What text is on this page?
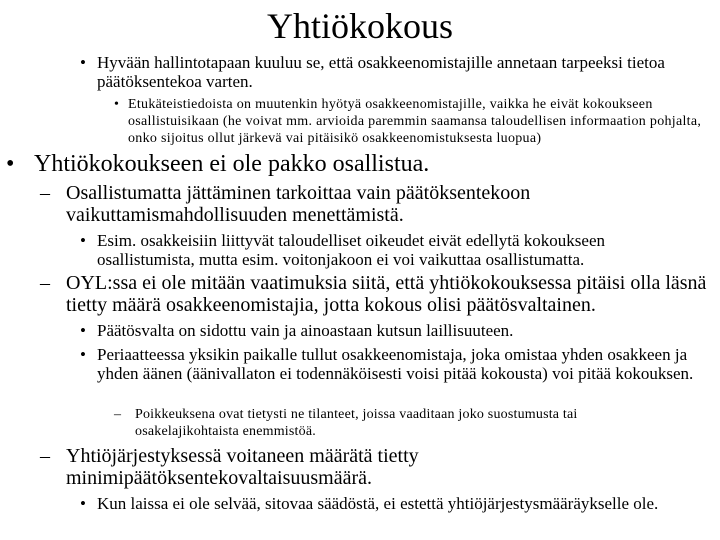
Yhtiökokous
• Hyvään hallintotapaan kuuluu se, että osakkeenomistajille annetaan tarpeeksi tietoa päätöksentekoa varten.
• Etukäteistiedoista on muutenkin hyötyä osakkeenomistajille, vaikka he eivät kokoukseen osallistuisikaan (he voivat mm. arvioida paremmin saamansa taloudellisen informaation pohjalta, onko sijoitus ollut järkevä vai pitäisikö osakkeenomistuksesta luopua)
• Yhtiökokoukseen ei ole pakko osallistua.
– Osallistumatta jättäminen tarkoittaa vain päätöksentekoon vaikuttamismahdollisuuden menettämistä.
• Esim. osakkeisiin liittyvät taloudelliset oikeudet eivät edellytä kokoukseen osallistumista, mutta esim. voitonjakoon ei voi vaikuttaa osallistumatta.
– OYL:ssa ei ole mitään vaatimuksia siitä, että yhtiökokouksessa pitäisi olla läsnä tietty määrä osakkeenomistajia, jotta kokous olisi päätösvaltainen.
• Päätösvalta on sidottu vain ja ainoastaan kutsun laillisuuteen.
• Periaatteessa yksikin paikalle tullut osakkeenomistaja, joka omistaa yhden osakkeen ja yhden äänen (äänivallaton ei todennäköisesti voisi pitää kokousta) voi pitää kokouksen.
– Poikkeuksena ovat tietysti ne tilanteet, joissa vaaditaan joko suostumusta tai osakelajikohtaista enemmistöä.
– Yhtiöjärjestyksessä voitaneen määrätä tietty minimipäätöksentekovaltaisuusmäärä.
• Kun laissa ei ole selvää, sitovaa säädöstä, ei estettä yhtiöjärjestysmääräykselle ole.
